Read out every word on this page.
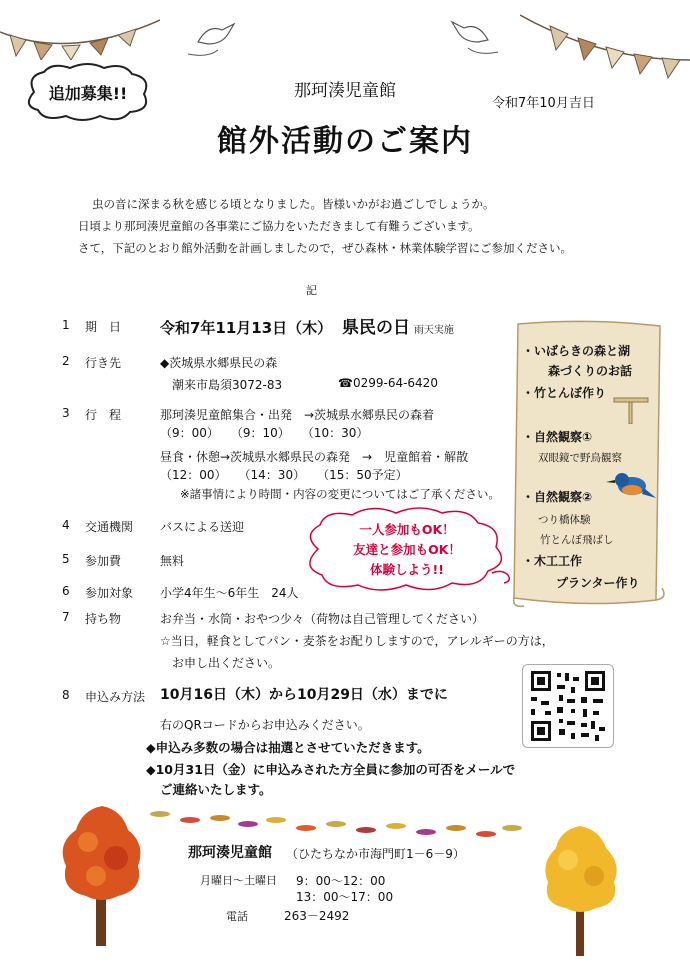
追加募集!!	那珂湊児童館
令和7年10月吉日
館外活動のご案内
虫の音に深まる秋を感じる頃となりました。皆様いかがお過ごしでしょうか。
日頃より那珂湊児童館の各事業にご協力をいただきまして有難うございます。
さて，下記のとおり館外活動を計画しましたので，ぜひ森林・林業体験学習にご参加ください。
記
1 期　日	令和7年11月13日（木） 県民の日 雨天実施
2 行き先	◆茨城県水郷県民の森
潮来市島須3072-83	☎0299-64-6420
3 行　程	那珂湊児童館集合・出発　→茨城県水郷県民の森着
（9：00）　　（9：10）　　（10：30）
昼食・休憩→茨城県水郷県民の森発　→　児童館着・解散
（12：00）　　（14：30）　　（15：50予定）
※諸事情により時間・内容の変更についてはご了承ください。
4 交通機関 バスによる送迎
5 参加費	無料
6 参加対象 小学4年生～6年生　24人
7 持ち物	お弁当・水筒・おやつ少々（荷物は自己管理してください）
☆当日，軽食としてパン・麦茶をお配りしますので，アレルギーの方は，
お申し出ください。
8 申込み方法 10月16日（木）から10月29日（水）までに
右のQRコードからお申込みください。
◆申込み多数の場合は抽選とさせていただきます。
◆10月31日（金）に申込みされた方全員に参加の可否をメールで
ご連絡いたします。
・いばらきの森と湖
森づくりのお話
・竹とんぼ作り
・自然観察①
双眼鏡で野鳥観察
・自然観察②
つり橋体験
竹とんぼ飛ばし
・木工工作
プランター作り
一人参加もOK！
友達と参加もOK！
体験しよう!!
那珂湊児童館 （ひたちなか市海門町1－6－9）
月曜日～土曜日 9：00～12：00
13：00～17：00
電話	263－2492
